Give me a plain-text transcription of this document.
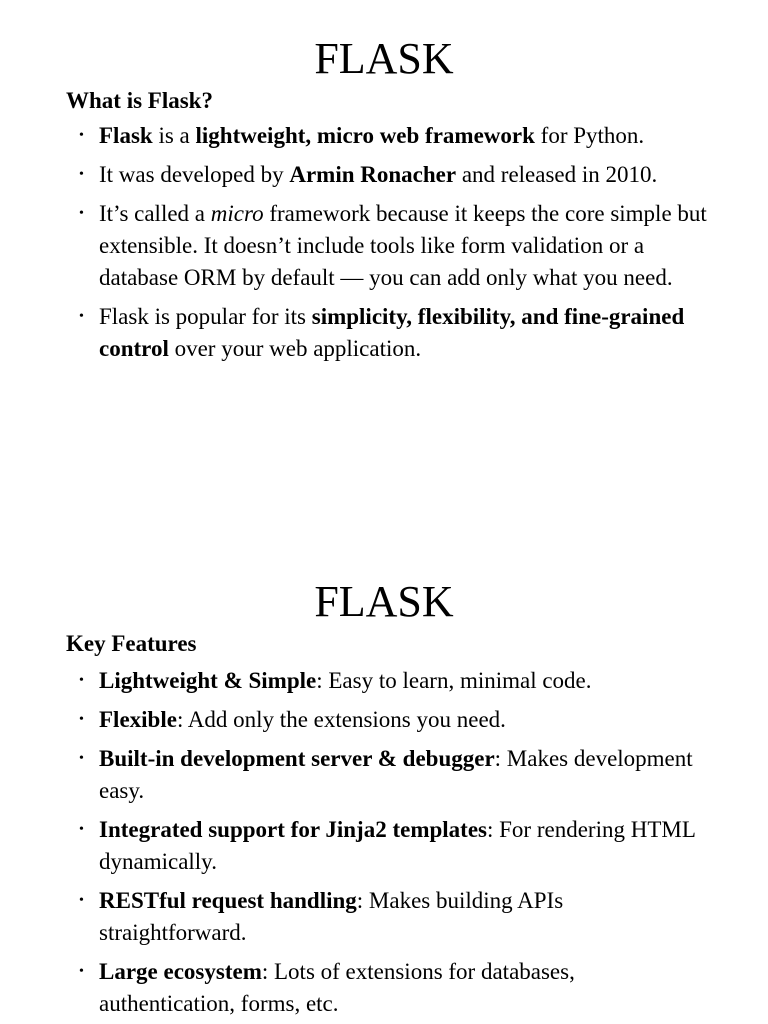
FLASK
What is Flask?
• Flask is a lightweight, micro web framework for Python.
• It was developed by Armin Ronacher and released in 2010.
• It’s called a micro framework because it keeps the core simple but extensible. It doesn’t include tools like form validation or a database ORM by default — you can add only what you need.
• Flask is popular for its simplicity, flexibility, and fine-grained control over your web application.
FLASK
Key Features
• Lightweight & Simple: Easy to learn, minimal code.
• Flexible: Add only the extensions you need.
• Built-in development server & debugger: Makes development easy.
• Integrated support for Jinja2 templates: For rendering HTML dynamically.
• RESTful request handling: Makes building APIs straightforward.
• Large ecosystem: Lots of extensions for databases, authentication, forms, etc.
